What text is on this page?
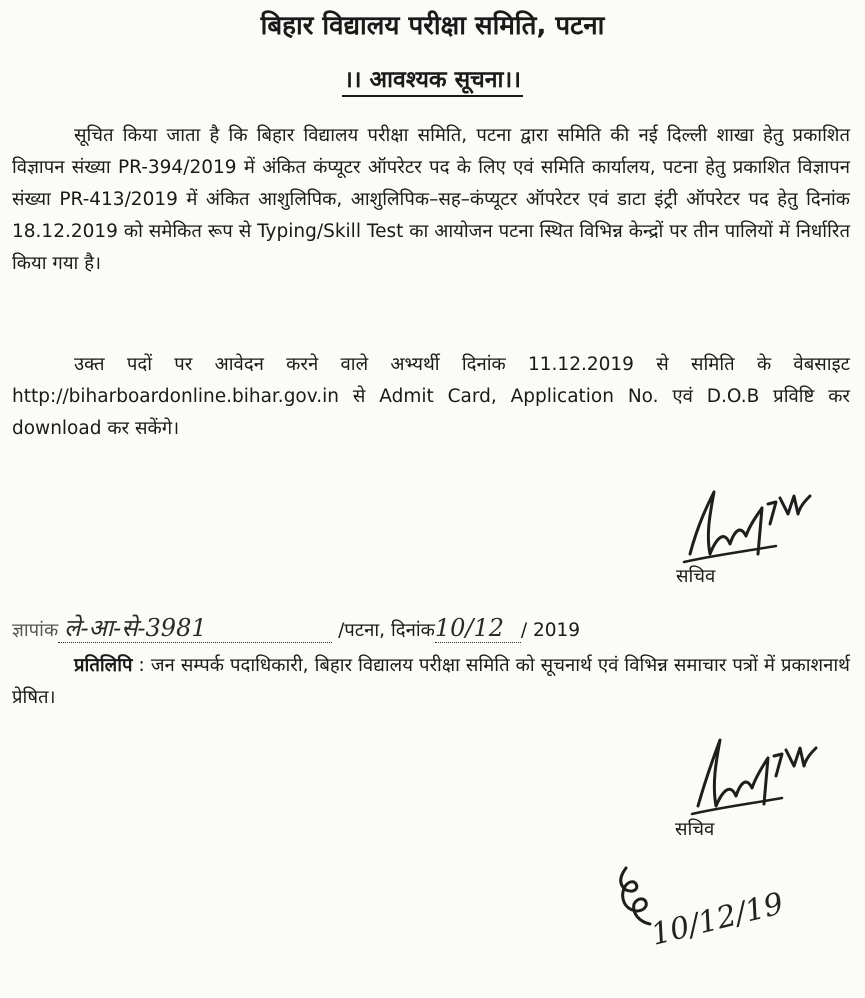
बिहार विद्यालय परीक्षा समिति, पटना
।। आवश्यक सूचना।।

सूचित किया जाता है कि बिहार विद्यालय परीक्षा समिति, पटना द्वारा समिति की नई दिल्ली शाखा हेतु प्रकाशित विज्ञापन संख्या PR-394/2019 में अंकित कंप्यूटर ऑपरेटर पद के लिए एवं समिति कार्यालय, पटना हेतु प्रकाशित विज्ञापन संख्या PR-413/2019 में अंकित आशुलिपिक, आशुलिपिक–सह–कंप्यूटर ऑपरेटर एवं डाटा इंट्री ऑपरेटर पद हेतु दिनांक 18.12.2019 को समेकित रूप से Typing/Skill Test का आयोजन पटना स्थित विभिन्न केन्द्रों पर तीन पालियों में निर्धारित किया गया है।

उक्त पदों पर आवेदन करने वाले अभ्यर्थी दिनांक 11.12.2019 से समिति के वेबसाइट http://biharboardonline.bihar.gov.in से Admit Card, Application No. एवं D.O.B प्रविष्टि कर download कर सकेंगे।

सचिव
ज्ञापांक ले-आ-से-3981	/पटना, दिनांक10/12 / 2019

प्रतिलिपि : जन सम्पर्क पदाधिकारी, बिहार विद्यालय परीक्षा समिति को सूचनार्थ एवं विभिन्न समाचार पत्रों में प्रकाशनार्थ प्रेषित।

सचिव
10/12/19
